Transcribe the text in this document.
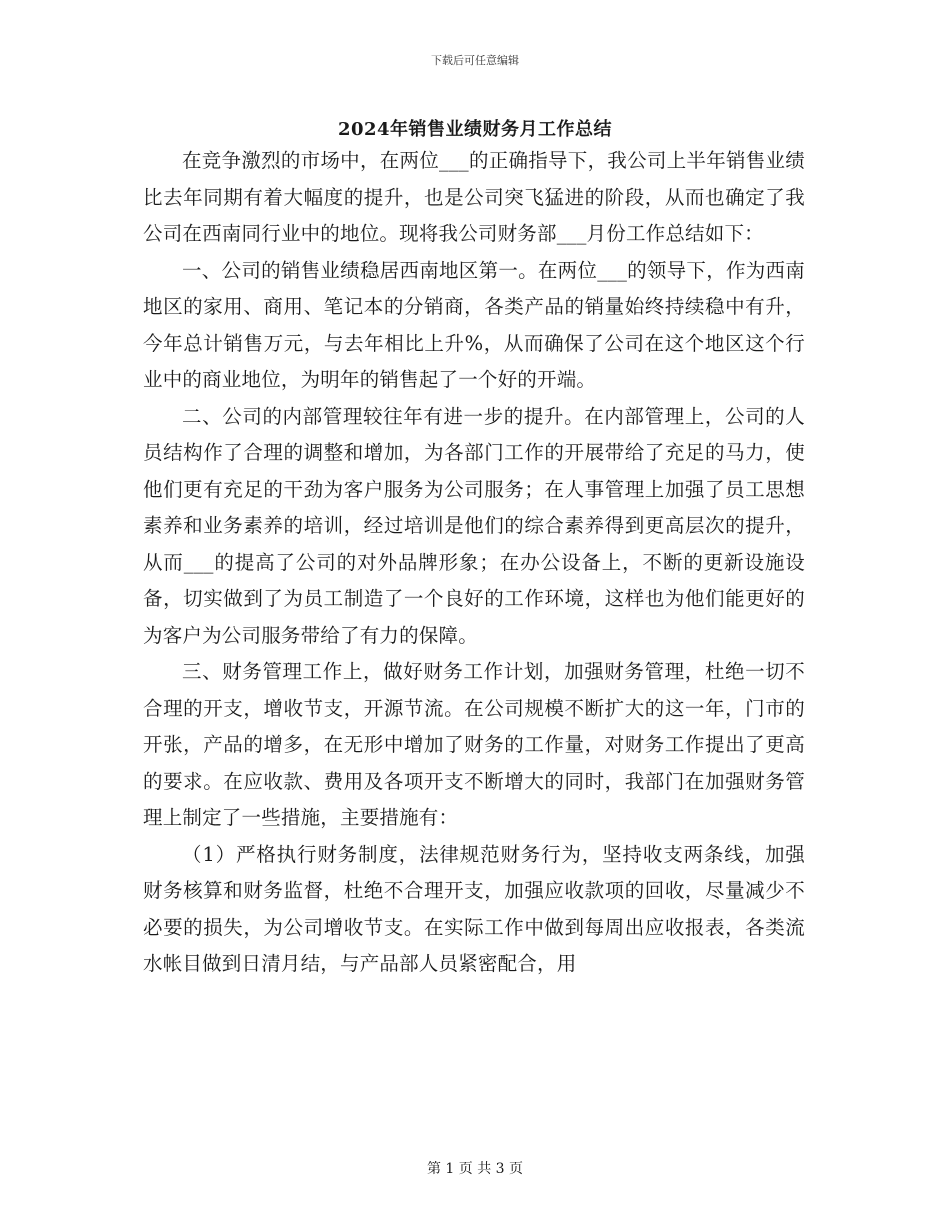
下载后可任意编辑
2024年销售业绩财务月工作总结

在竞争激烈的市场中，在两位___的正确指导下，我公司上半年销售业绩比去年同期有着大幅度的提升，也是公司突飞猛进的阶段，从而也确定了我公司在西南同行业中的地位。现将我公司财务部___月份工作总结如下：

一、公司的销售业绩稳居西南地区第一。在两位___的领导下，作为西南地区的家用、商用、笔记本的分销商，各类产品的销量始终持续稳中有升，今年总计销售万元，与去年相比上升%，从而确保了公司在这个地区这个行业中的商业地位，为明年的销售起了一个好的开端。

二、公司的内部管理较往年有进一步的提升。在内部管理上，公司的人员结构作了合理的调整和增加，为各部门工作的开展带给了充足的马力，使他们更有充足的干劲为客户服务为公司服务；在人事管理上加强了员工思想素养和业务素养的培训，经过培训是他们的综合素养得到更高层次的提升，从而___的提高了公司的对外品牌形象；在办公设备上，不断的更新设施设备，切实做到了为员工制造了一个良好的工作环境，这样也为他们能更好的为客户为公司服务带给了有力的保障。

三、财务管理工作上，做好财务工作计划，加强财务管理，杜绝一切不合理的开支，增收节支，开源节流。在公司规模不断扩大的这一年，门市的开张，产品的增多，在无形中增加了财务的工作量，对财务工作提出了更高的要求。在应收款、费用及各项开支不断增大的同时，我部门在加强财务管理上制定了一些措施，主要措施有：

（1）严格执行财务制度，法律规范财务行为，坚持收支两条线，加强财务核算和财务监督，杜绝不合理开支，加强应收款项的回收，尽量减少不必要的损失，为公司增收节支。在实际工作中做到每周出应收报表，各类流水帐目做到日清月结，与产品部人员紧密配合，用

第 1 页 共 3 页
